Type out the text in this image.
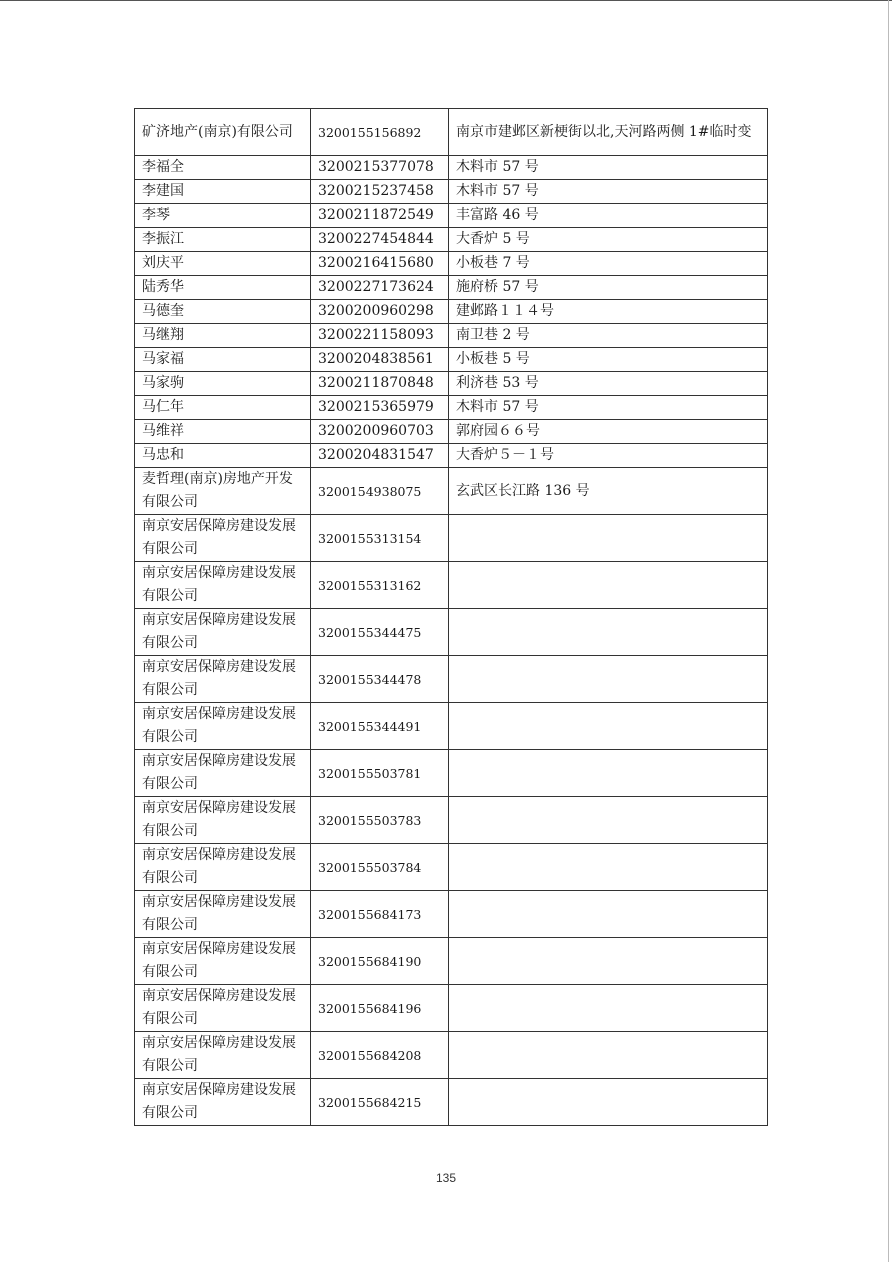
矿济地产(南京)有限公司	3200155156892	南京市建邺区新梗街以北,天河路两侧 1#临时变
李福全	3200215377078	木料市 57 号
李建国	3200215237458	木料市 57 号
李琴	3200211872549	丰富路 46 号
李振江	3200227454844	大香炉 5 号
刘庆平	3200216415680	小板巷 7 号
陆秀华	3200227173624	施府桥 57 号
马德奎	3200200960298	建邺路１１４号
马继翔	3200221158093	南卫巷 2 号
马家福	3200204838561	小板巷 5 号
马家驹	3200211870848	利济巷 53 号
马仁年	3200215365979	木料市 57 号
马维祥	3200200960703	郭府园６６号
马忠和	3200204831547	大香炉５－１号
麦哲理(南京)房地产开发有限公司	3200154938075	玄武区长江路 136 号
南京安居保障房建设发展有限公司	3200155313154	
南京安居保障房建设发展有限公司	3200155313162	
南京安居保障房建设发展有限公司	3200155344475	
南京安居保障房建设发展有限公司	3200155344478	
南京安居保障房建设发展有限公司	3200155344491	
南京安居保障房建设发展有限公司	3200155503781	
南京安居保障房建设发展有限公司	3200155503783	
南京安居保障房建设发展有限公司	3200155503784	
南京安居保障房建设发展有限公司	3200155684173	
南京安居保障房建设发展有限公司	3200155684190	
南京安居保障房建设发展有限公司	3200155684196	
南京安居保障房建设发展有限公司	3200155684208	
南京安居保障房建设发展有限公司	3200155684215	
135
